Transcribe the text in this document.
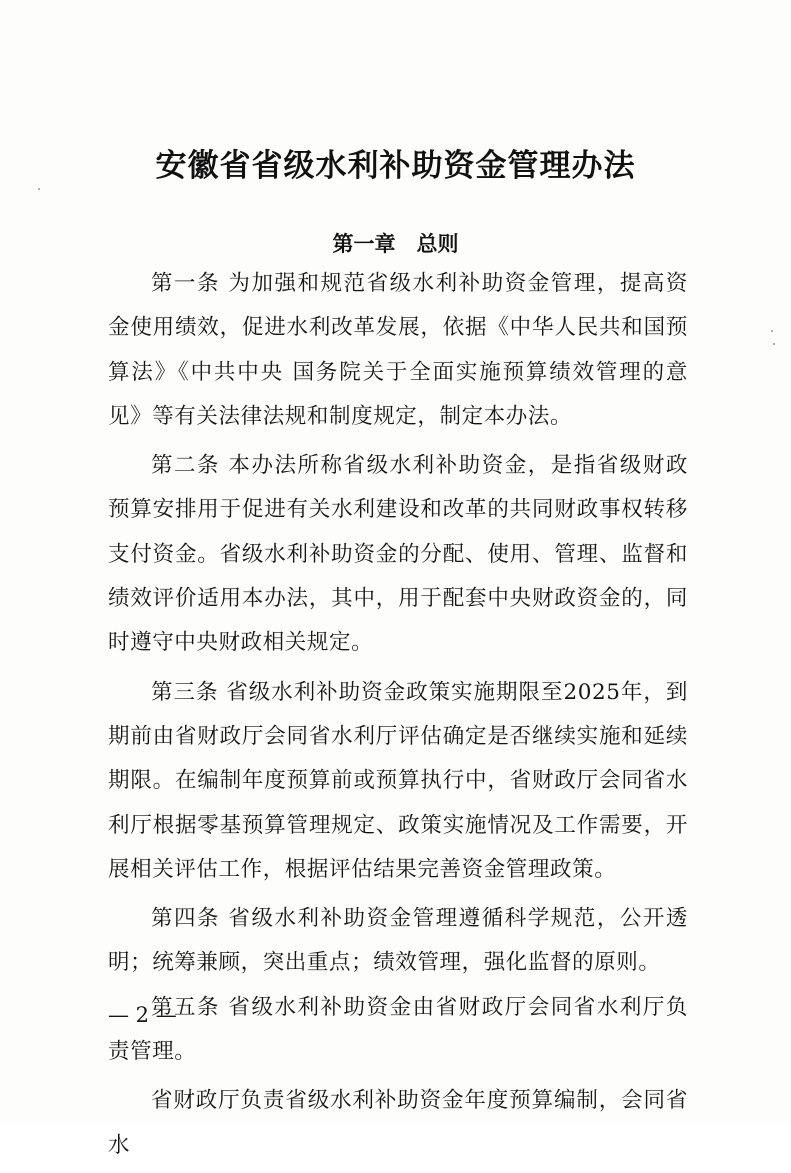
安徽省省级水利补助资金管理办法
第一章　总则

第一条 为加强和规范省级水利补助资金管理，提高资金使用绩效，促进水利改革发展，依据《中华人民共和国预算法》《中共中央 国务院关于全面实施预算绩效管理的意见》等有关法律法规和制度规定，制定本办法。

第二条 本办法所称省级水利补助资金，是指省级财政预算安排用于促进有关水利建设和改革的共同财政事权转移支付资金。省级水利补助资金的分配、使用、管理、监督和绩效评价适用本办法，其中，用于配套中央财政资金的，同时遵守中央财政相关规定。

第三条 省级水利补助资金政策实施期限至2025年，到期前由省财政厅会同省水利厅评估确定是否继续实施和延续期限。在编制年度预算前或预算执行中，省财政厅会同省水利厅根据零基预算管理规定、政策实施情况及工作需要，开展相关评估工作，根据评估结果完善资金管理政策。

第四条 省级水利补助资金管理遵循科学规范，公开透明；统筹兼顾，突出重点；绩效管理，强化监督的原则。

第五条 省级水利补助资金由省财政厅会同省水利厅负责管理。

省财政厅负责省级水利补助资金年度预算编制，会同省水

— 2 —
